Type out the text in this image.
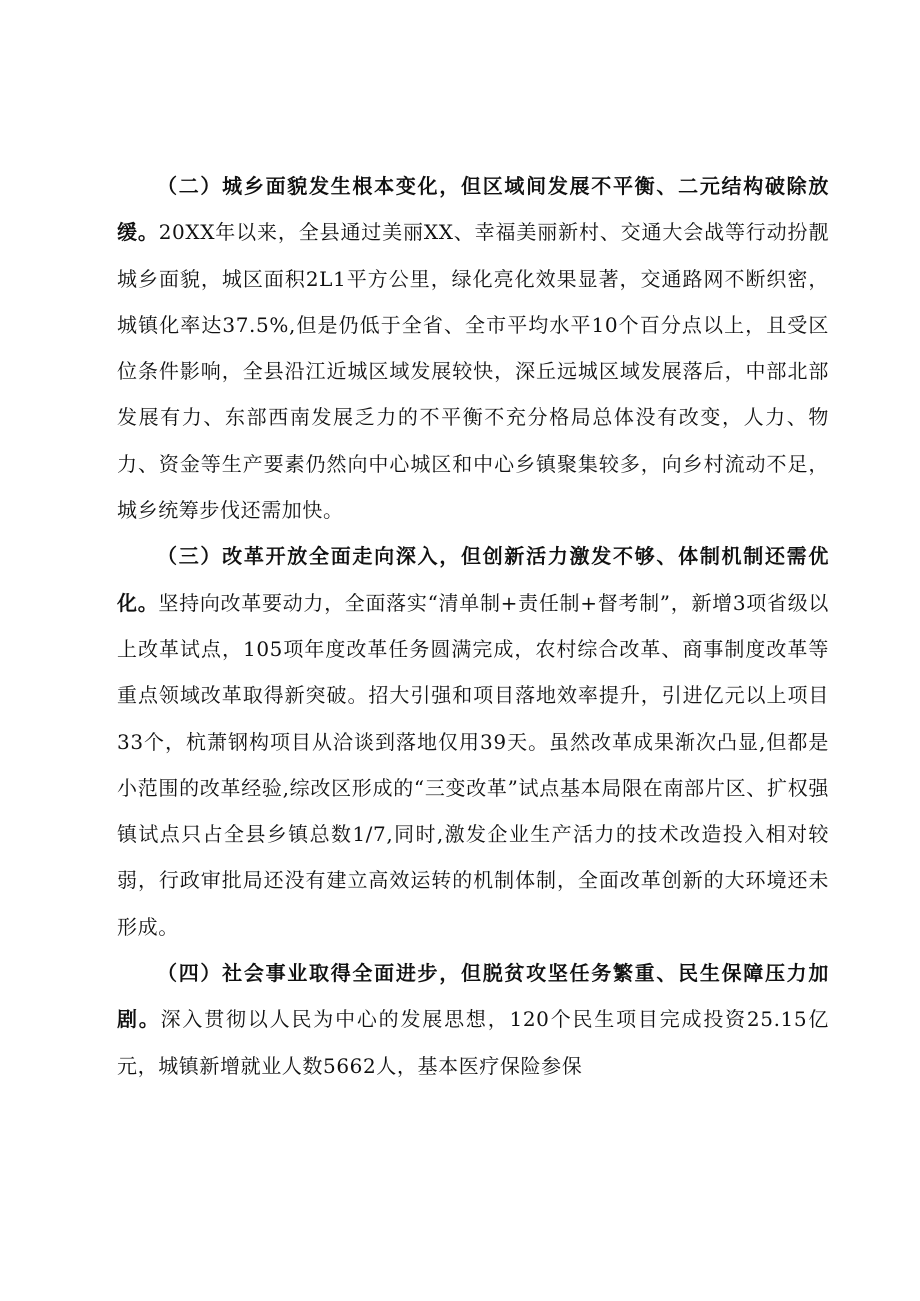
（二）城乡面貌发生根本变化，但区域间发展不平衡、二元结构破除放缓。20XX年以来，全县通过美丽XX、幸福美丽新村、交通大会战等行动扮靓城乡面貌，城区面积2L1平方公里，绿化亮化效果显著，交通路网不断织密，城镇化率达37.5%,但是仍低于全省、全市平均水平10个百分点以上，且受区位条件影响，全县沿江近城区域发展较快，深丘远城区域发展落后，中部北部发展有力、东部西南发展乏力的不平衡不充分格局总体没有改变，人力、物力、资金等生产要素仍然向中心城区和中心乡镇聚集较多，向乡村流动不足，城乡统筹步伐还需加快。

（三）改革开放全面走向深入，但创新活力激发不够、体制机制还需优化。坚持向改革要动力，全面落实“清单制+责任制+督考制”，新增3项省级以上改革试点，105项年度改革任务圆满完成，农村综合改革、商事制度改革等重点领域改革取得新突破。招大引强和项目落地效率提升，引进亿元以上项目33个，杭萧钢构项目从洽谈到落地仅用39天。虽然改革成果渐次凸显,但都是小范围的改革经验,综改区形成的“三变改革”试点基本局限在南部片区、扩权强镇试点只占全县乡镇总数1/7,同时,激发企业生产活力的技术改造投入相对较弱，行政审批局还没有建立高效运转的机制体制，全面改革创新的大环境还未形成。

（四）社会事业取得全面进步，但脱贫攻坚任务繁重、民生保障压力加剧。深入贯彻以人民为中心的发展思想，120个民生项目完成投资25.15亿元，城镇新增就业人数5662人，基本医疗保险参保
